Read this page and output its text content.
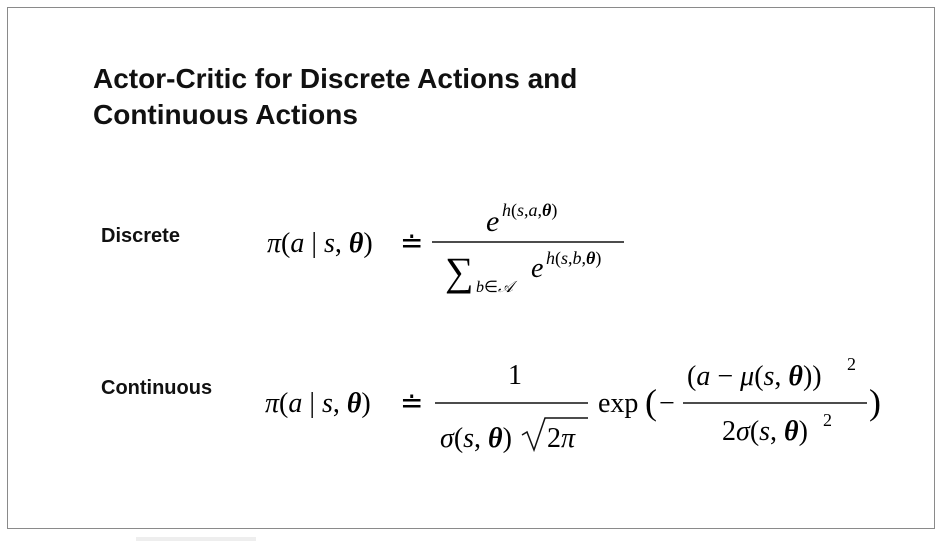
Actor-Critic for Discrete Actions and
Continuous Actions
Discrete	π(a | s, θ) ≐
e h(s,a,θ)
∑ b∈𝒜
e h(s,b,θ)
Continuous π(a | s, θ) ≐
1
σ(s, θ) 2π
exp ( −
(a − μ(s, θ)) 2
2σ(s, θ) 2 )
